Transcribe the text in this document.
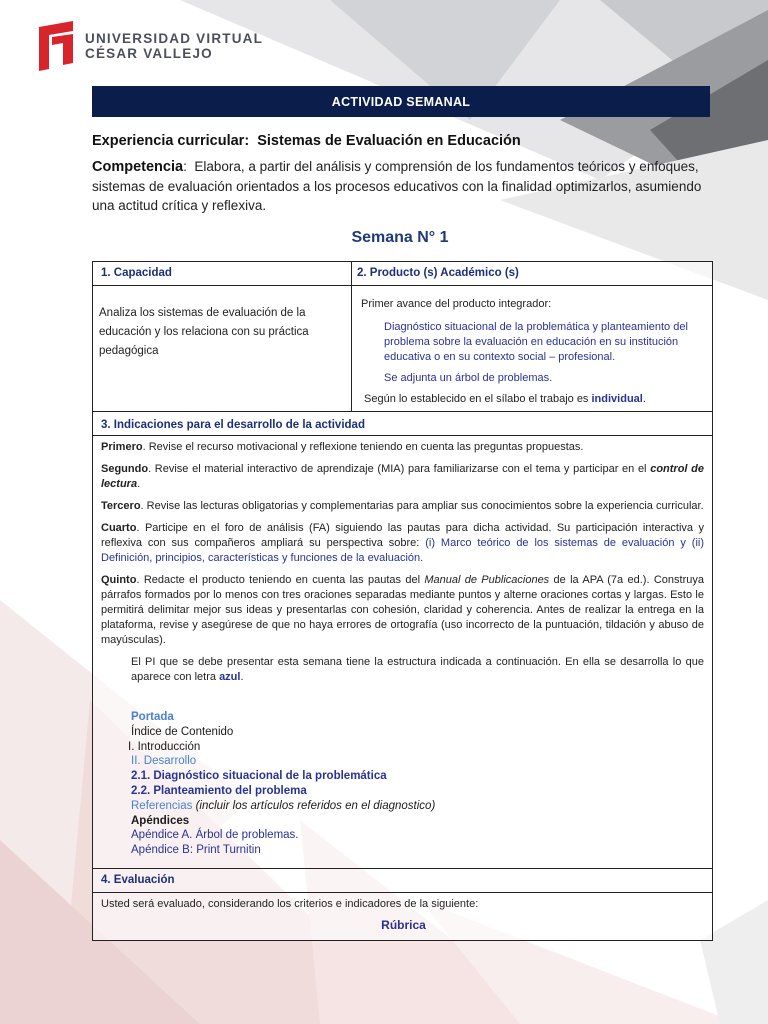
UNIVERSIDAD VIRTUAL
CÉSAR VALLEJO
ACTIVIDAD SEMANAL
Experiencia curricular: Sistemas de Evaluación en Educación
Competencia:  Elabora, a partir del análisis y comprensión de los fundamentos teóricos y enfoques, sistemas de evaluación orientados a los procesos educativos con la finalidad optimizarlos, asumiendo una actitud crítica y reflexiva.
Semana N° 1
1. Capacidad	2. Producto (s) Académico (s)
Analiza los sistemas de evaluación de la educación y los relaciona con su práctica pedagógica
Primer avance del producto integrador:
Diagnóstico situacional de la problemática y planteamiento del problema sobre la evaluación en educación en su institución educativa o en su contexto social – profesional.
Se adjunta un árbol de problemas.
Según lo establecido en el sílabo el trabajo es individual.
3. Indicaciones para el desarrollo de la actividad

Primero. Revise el recurso motivacional y reflexione teniendo en cuenta las preguntas propuestas.

Segundo. Revise el material interactivo de aprendizaje (MIA) para familiarizarse con el tema y participar en el control de lectura.

Tercero. Revise las lecturas obligatorias y complementarias para ampliar sus conocimientos sobre la experiencia curricular.

Cuarto. Participe en el foro de análisis (FA) siguiendo las pautas para dicha actividad. Su participación interactiva y reflexiva con sus compañeros ampliará su perspectiva sobre: (i) Marco teórico de los sistemas de evaluación y (ii) Definición, principios, características y funciones de la evaluación.

Quinto. Redacte el producto teniendo en cuenta las pautas del Manual de Publicaciones de la APA (7a ed.). Construya párrafos formados por lo menos con tres oraciones separadas mediante puntos y alterne oraciones cortas y largas. Esto le permitirá delimitar mejor sus ideas y presentarlas con cohesión, claridad y coherencia. Antes de realizar la entrega en la plataforma, revise y asegúrese de que no haya errores de ortografía (uso incorrecto de la puntuación, tildación y abuso de mayúsculas).

El PI que se debe presentar esta semana tiene la estructura indicada a continuación. En ella se desarrolla lo que aparece con letra azul.

Portada
Índice de Contenido
I. Introducción
II. Desarrollo
2.1. Diagnóstico situacional de la problemática
2.2. Planteamiento del problema
Referencias (incluir los artículos referidos en el diagnostico)
Apéndices
Apéndice A. Árbol de problemas.
Apéndice B: Print Turnitin
4. Evaluación
Usted será evaluado, considerando los criterios e indicadores de la siguiente:
Rúbrica
